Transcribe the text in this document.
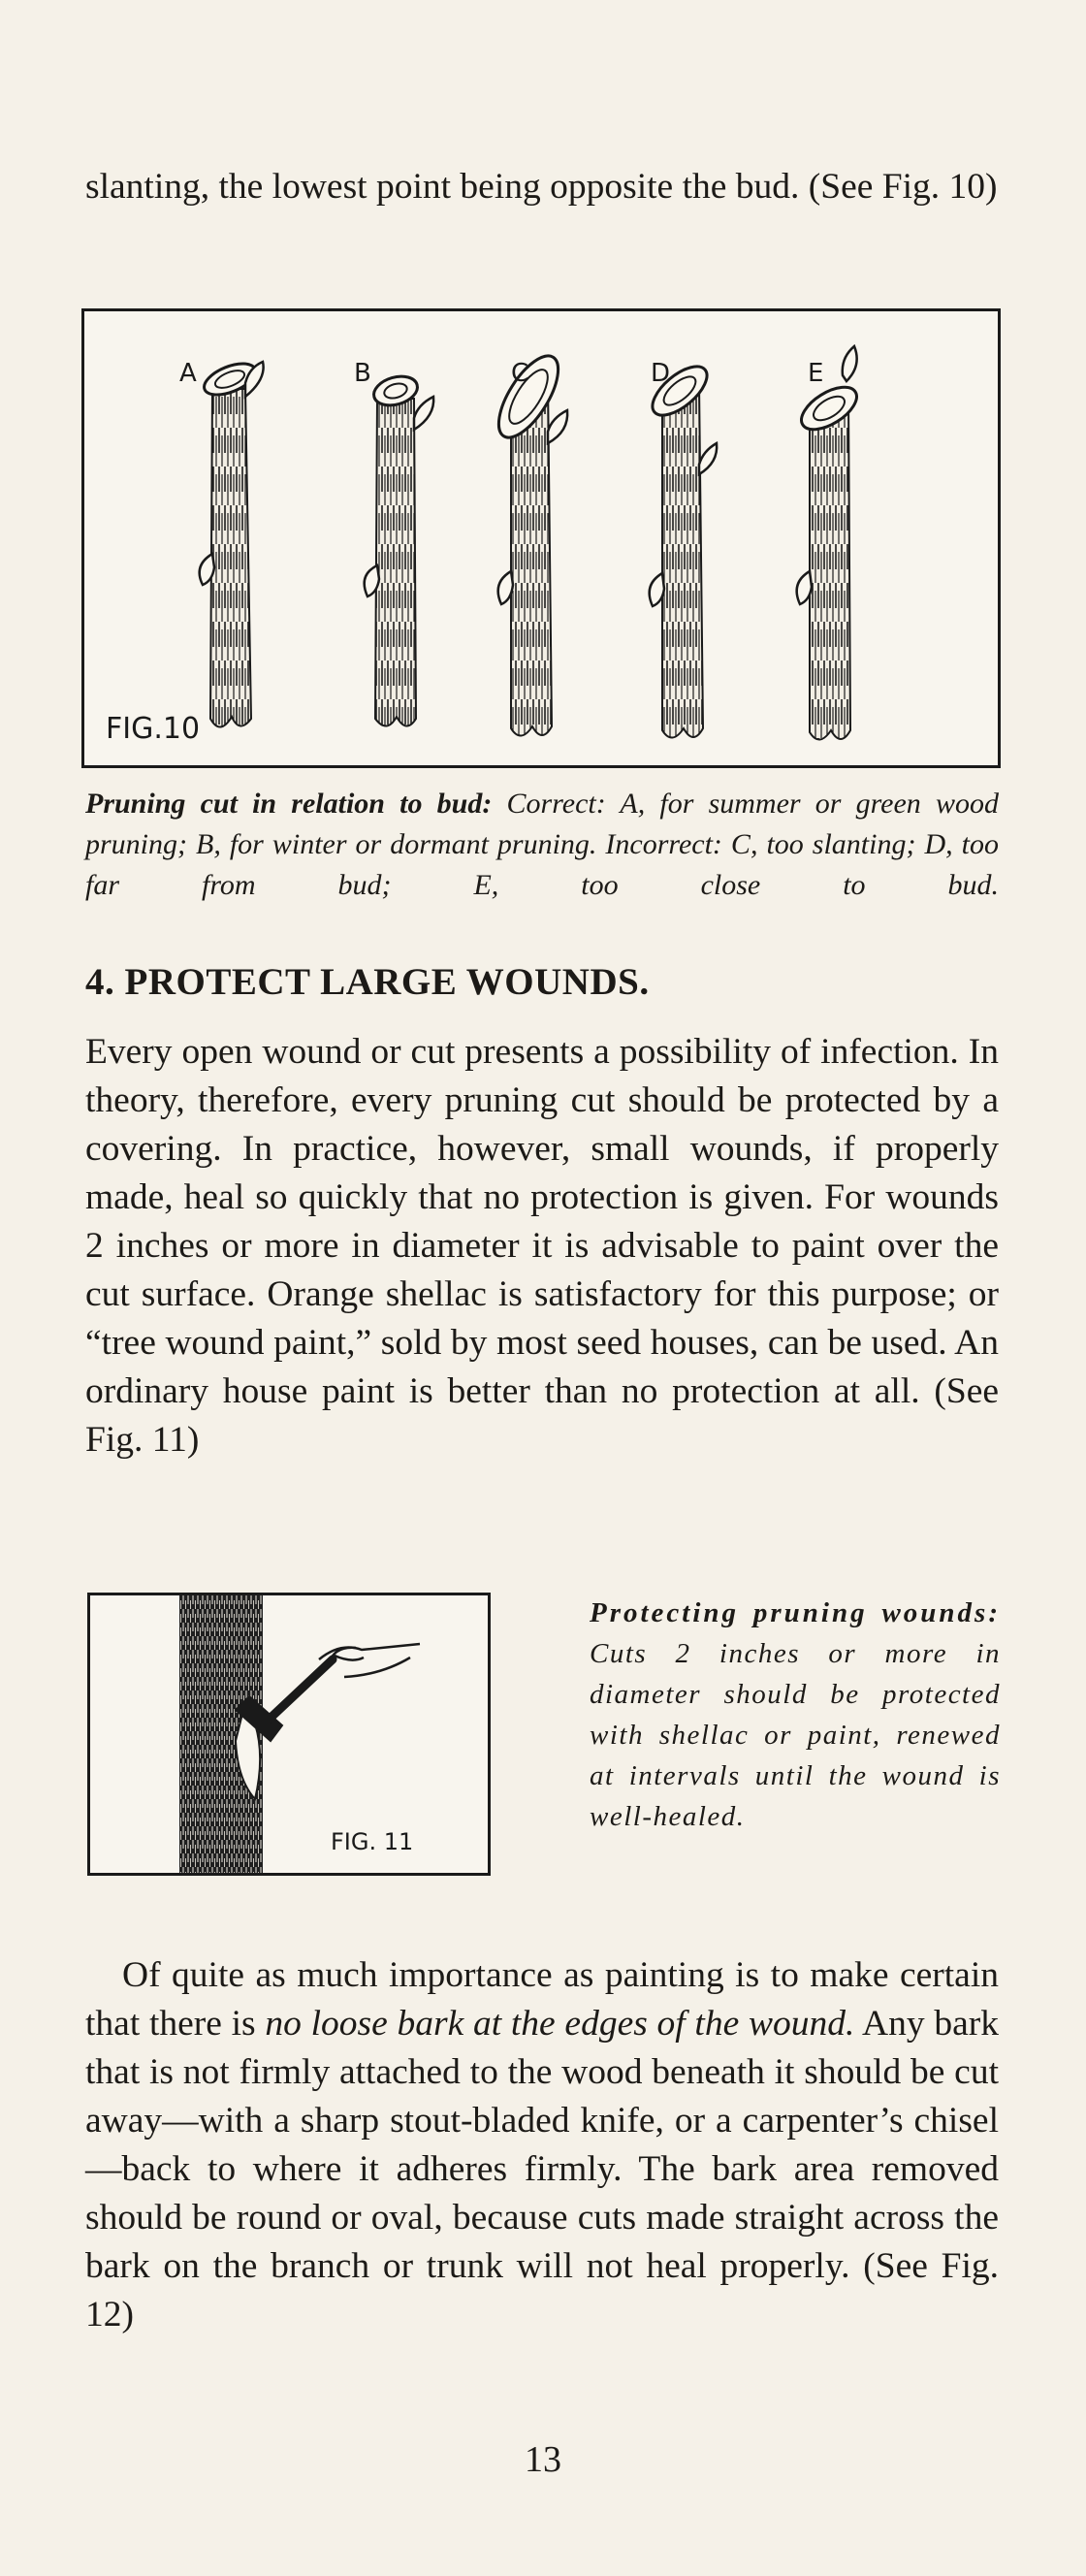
slanting, the lowest point being opposite the bud. (See Fig. 10)
A	B	C	D	E
FIG.10
Pruning cut in relation to bud: Correct: A, for summer or green wood pruning; B, for winter or dormant pruning. Incorrect: C, too slanting; D, too far from bud; E, too close to bud.
4. PROTECT LARGE WOUNDS.
Every open wound or cut presents a possibility of infection. In theory, therefore, every pruning cut should be protected by a covering. In practice, however, small wounds, if properly made, heal so quickly that no protection is given. For wounds 2 inches or more in diameter it is advisable to paint over the cut surface. Orange shellac is satisfactory for this purpose; or “tree wound paint,” sold by most seed houses, can be used. An ordinary house paint is better than no protection at all. (See Fig. 11)
FIG. 11
Protecting pruning wounds: Cuts 2 inches or more in diameter should be protected with shellac or paint, renewed at intervals until the wound is well-healed.
Of quite as much importance as painting is to make certain that there is no loose bark at the edges of the wound. Any bark that is not firmly attached to the wood beneath it should be cut away—with a sharp stout-bladed knife, or a carpenter’s chisel—back to where it adheres firmly. The bark area removed should be round or oval, because cuts made straight across the bark on the branch or trunk will not heal properly. (See Fig. 12)
13
